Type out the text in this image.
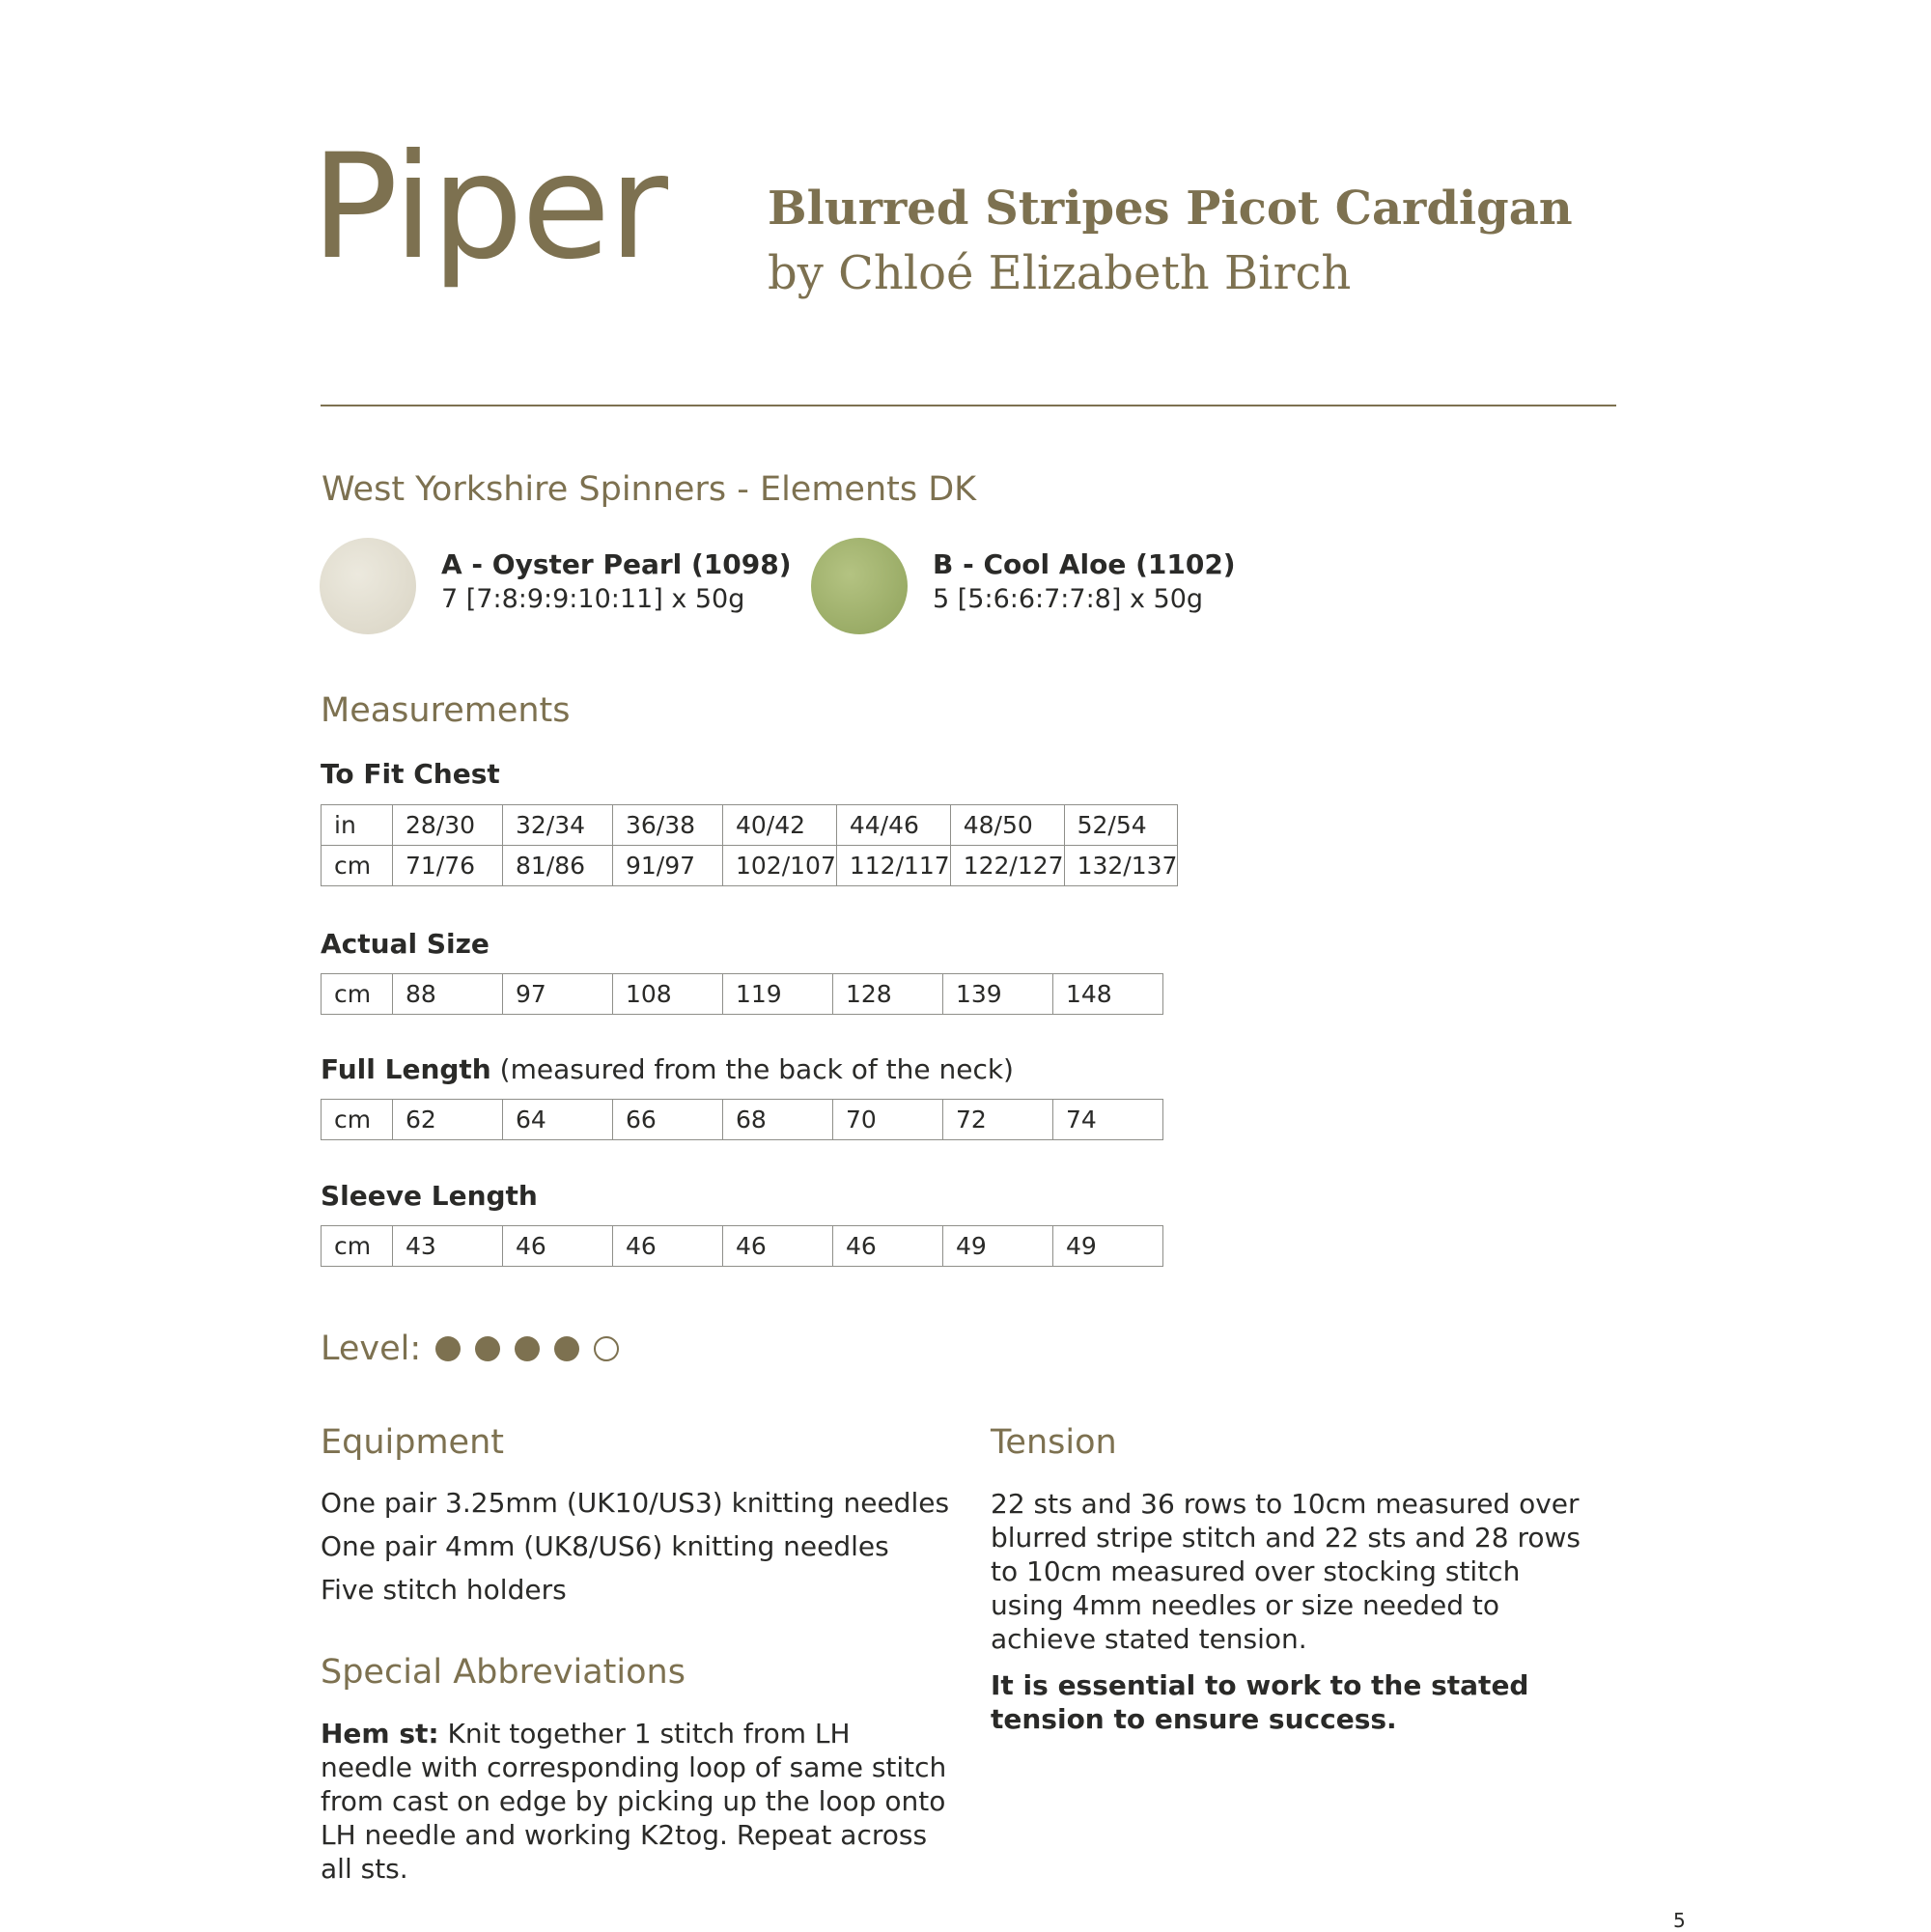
Piper Blurred Stripes Picot Cardigan
by Chloé Elizabeth Birch
West Yorkshire Spinners - Elements DK
A - Oyster Pearl (1098)
7 [7:8:9:9:10:11] x 50g
B - Cool Aloe (1102)
5 [5:6:6:7:7:8] x 50g
Measurements
To Fit Chest
in	28/30	32/34	36/38	40/42	44/46	48/50	52/54
cm	71/76	81/86	91/97	102/107	112/117	122/127	132/137
Actual Size
cm	88	97	108	119	128	139	148
Full Length (measured from the back of the neck)
cm	62	64	66	68	70	72	74
Sleeve Length
cm	43	46	46	46	46	49	49
Level:
Equipment
One pair 3.25mm (UK10/US3) knitting needles
One pair 4mm (UK8/US6) knitting needles
Five stitch holders
Special Abbreviations
Hem st: Knit together 1 stitch from LH needle with corresponding loop of same stitch from cast on edge by picking up the loop onto LH needle and working K2tog. Repeat across all sts.
Tension
22 sts and 36 rows to 10cm measured over blurred stripe stitch and 22 sts and 28 rows to 10cm measured over stocking stitch using 4mm needles or size needed to achieve stated tension.
It is essential to work to the stated tension to ensure success.
5
